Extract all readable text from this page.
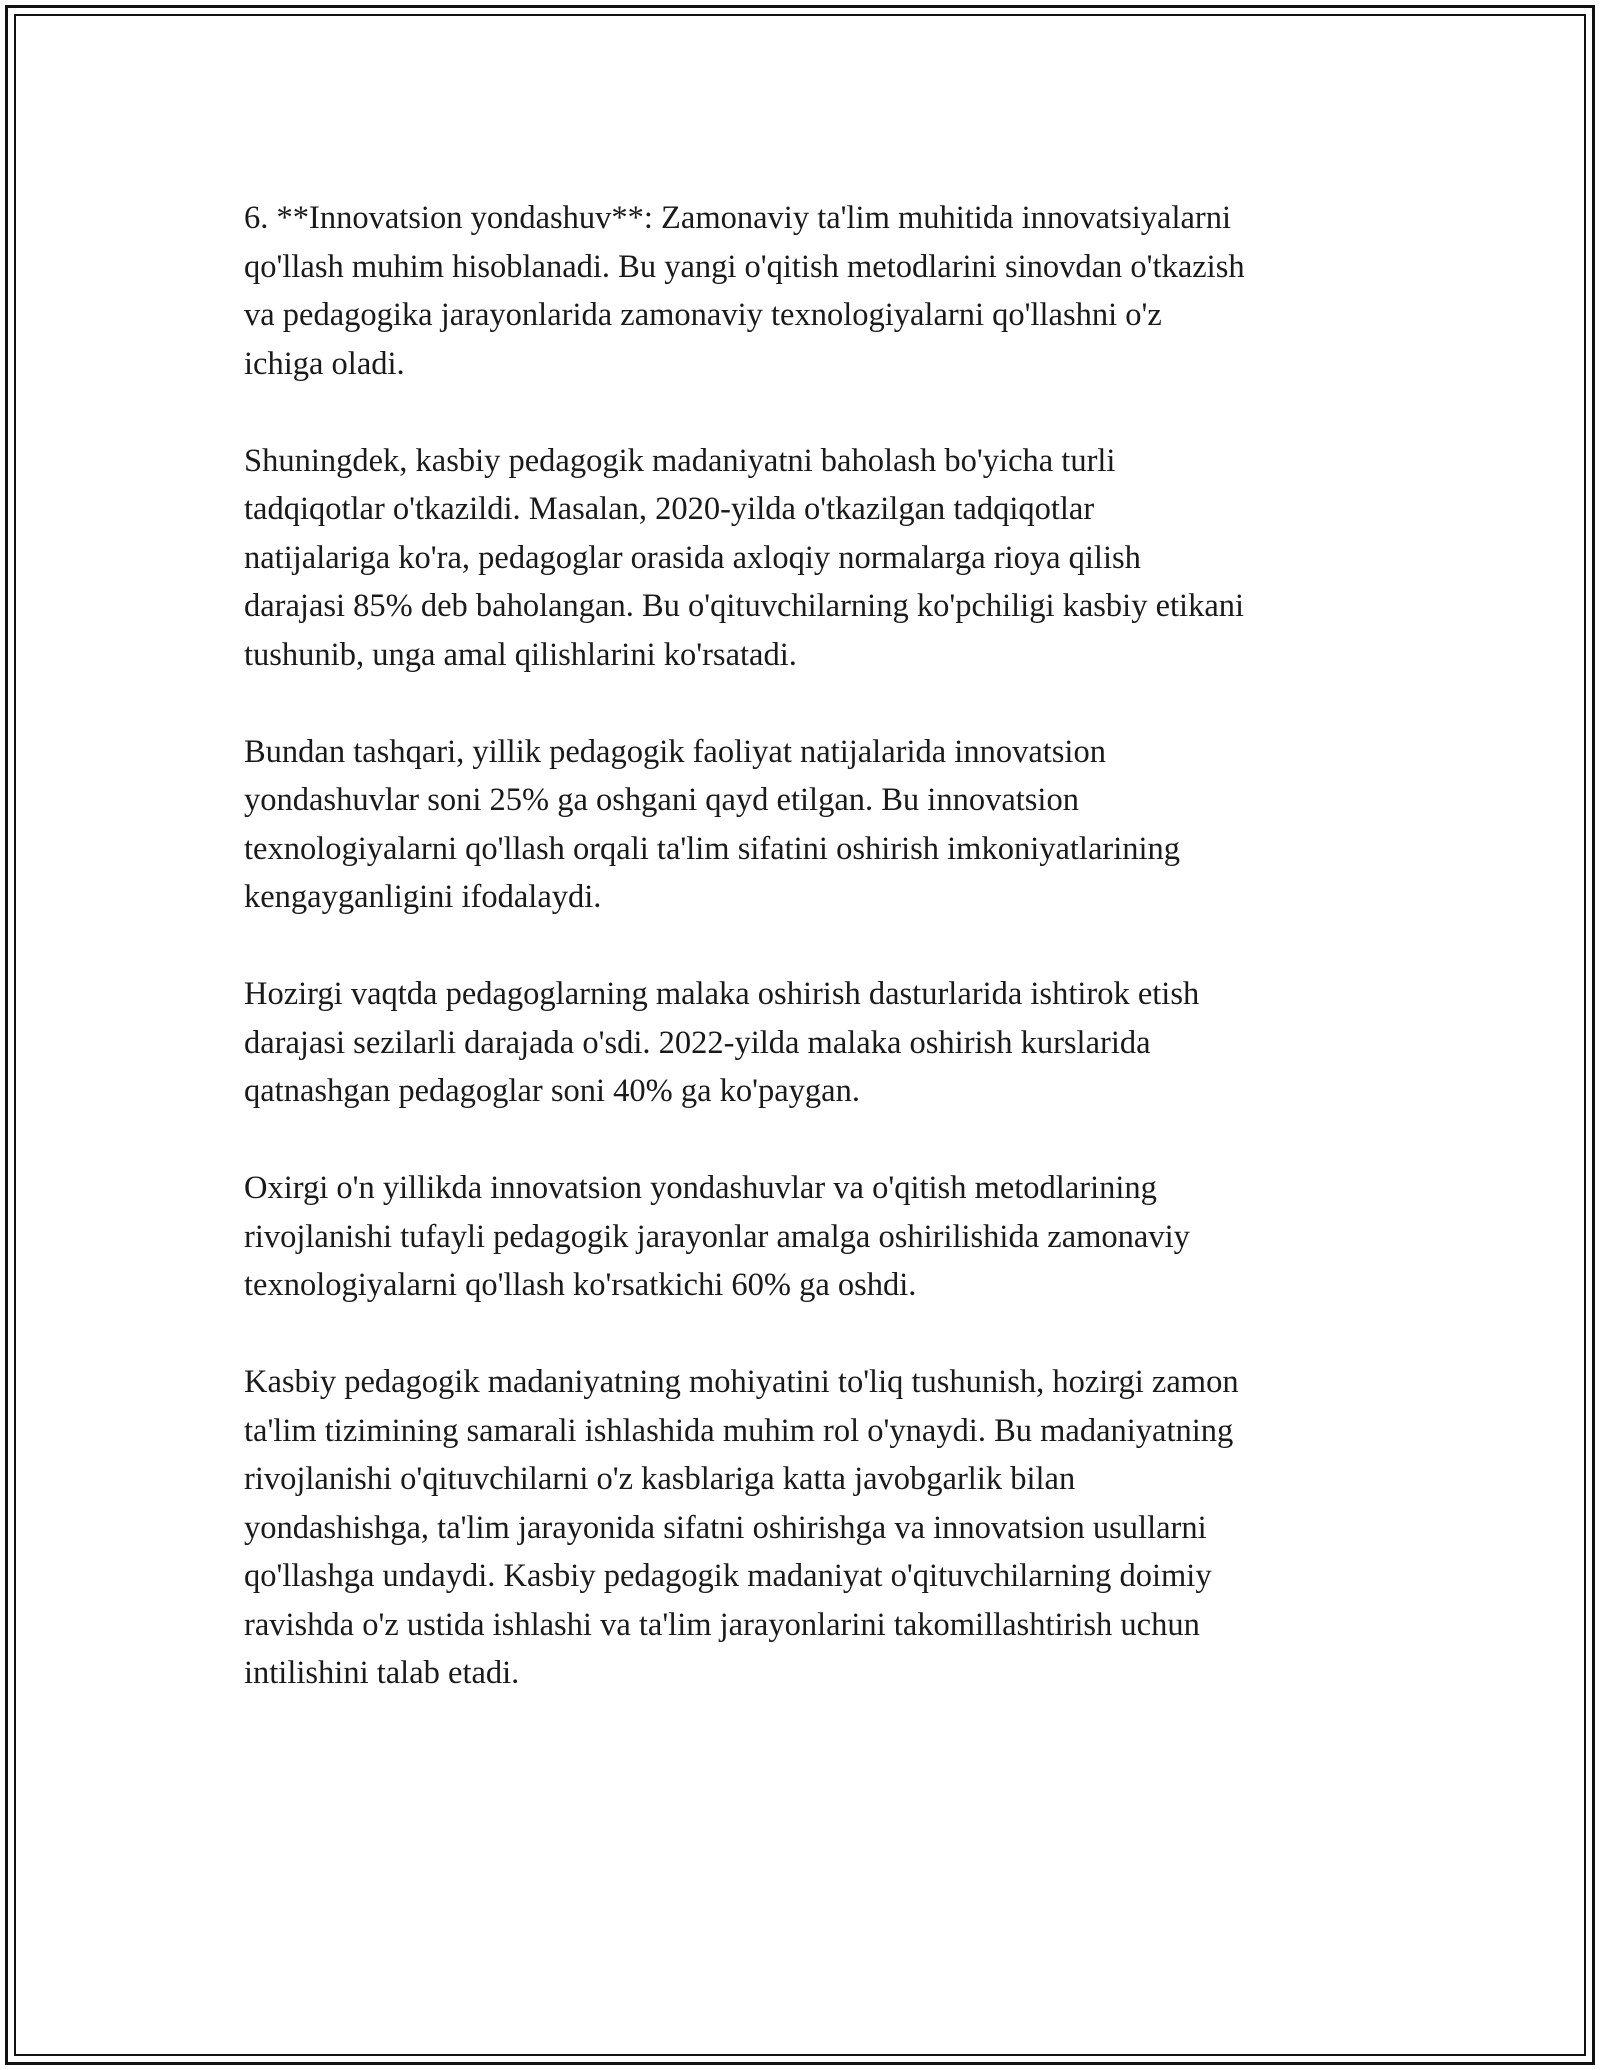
6. **Innovatsion yondashuv**: Zamonaviy ta'lim muhitida innovatsiyalarni
qo'llash muhim hisoblanadi. Bu yangi o'qitish metodlarini sinovdan o'tkazish
va pedagogika jarayonlarida zamonaviy texnologiyalarni qo'llashni o'z
ichiga oladi.

Shuningdek, kasbiy pedagogik madaniyatni baholash bo'yicha turli
tadqiqotlar o'tkazildi. Masalan, 2020-yilda o'tkazilgan tadqiqotlar
natijalariga ko'ra, pedagoglar orasida axloqiy normalarga rioya qilish
darajasi 85% deb baholangan. Bu o'qituvchilarning ko'pchiligi kasbiy etikani
tushunib, unga amal qilishlarini ko'rsatadi.

Bundan tashqari, yillik pedagogik faoliyat natijalarida innovatsion
yondashuvlar soni 25% ga oshgani qayd etilgan. Bu innovatsion
texnologiyalarni qo'llash orqali ta'lim sifatini oshirish imkoniyatlarining
kengayganligini ifodalaydi.

Hozirgi vaqtda pedagoglarning malaka oshirish dasturlarida ishtirok etish
darajasi sezilarli darajada o'sdi. 2022-yilda malaka oshirish kurslarida
qatnashgan pedagoglar soni 40% ga ko'paygan.

Oxirgi o'n yillikda innovatsion yondashuvlar va o'qitish metodlarining
rivojlanishi tufayli pedagogik jarayonlar amalga oshirilishida zamonaviy
texnologiyalarni qo'llash ko'rsatkichi 60% ga oshdi.

Kasbiy pedagogik madaniyatning mohiyatini to'liq tushunish, hozirgi zamon
ta'lim tizimining samarali ishlashida muhim rol o'ynaydi. Bu madaniyatning
rivojlanishi o'qituvchilarni o'z kasblariga katta javobgarlik bilan
yondashishga, ta'lim jarayonida sifatni oshirishga va innovatsion usullarni
qo'llashga undaydi. Kasbiy pedagogik madaniyat o'qituvchilarning doimiy
ravishda o'z ustida ishlashi va ta'lim jarayonlarini takomillashtirish uchun
intilishini talab etadi.
